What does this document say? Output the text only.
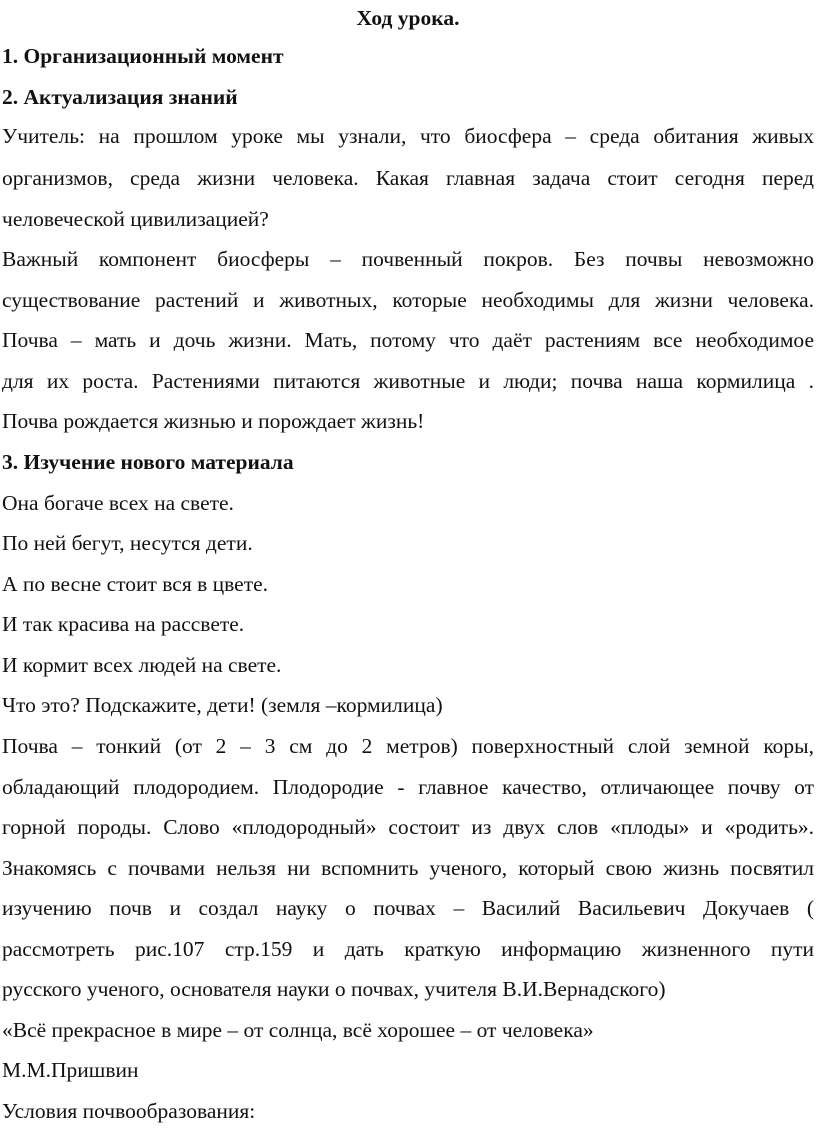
Ход урока.
1. Организационный момент
2. Актуализация знаний
Учитель: на прошлом уроке мы узнали, что биосфера – среда обитания живых
организмов, среда жизни человека. Какая главная задача стоит сегодня перед
человеческой цивилизацией?
Важный компонент биосферы – почвенный покров. Без почвы невозможно
существование растений и животных, которые необходимы для жизни человека.
Почва – мать и дочь жизни. Мать, потому что даёт растениям все необходимое
для их роста. Растениями питаются животные и люди; почва наша кормилица .
Почва рождается жизнью и порождает жизнь!
3. Изучение нового материала
Она богаче всех на свете.
По ней бегут, несутся дети.
А по весне стоит вся в цвете.
И так красива на рассвете.
И кормит всех людей на свете.
Что это? Подскажите, дети! (земля –кормилица)
Почва – тонкий (от 2 – 3 см до 2 метров) поверхностный слой земной коры,
обладающий плодородием. Плодородие - главное качество, отличающее почву от
горной породы. Слово «плодородный» состоит из двух слов «плоды» и «родить».
Знакомясь с почвами нельзя ни вспомнить ученого, который свою жизнь посвятил
изучению почв и создал науку о почвах – Василий Васильевич Докучаев (
рассмотреть рис.107 стр.159 и дать краткую информацию жизненного пути
русского ученого, основателя науки о почвах, учителя В.И.Вернадского)
«Всё прекрасное в мире – от солнца, всё хорошее – от человека»
М.М.Пришвин
Условия почвообразования:
